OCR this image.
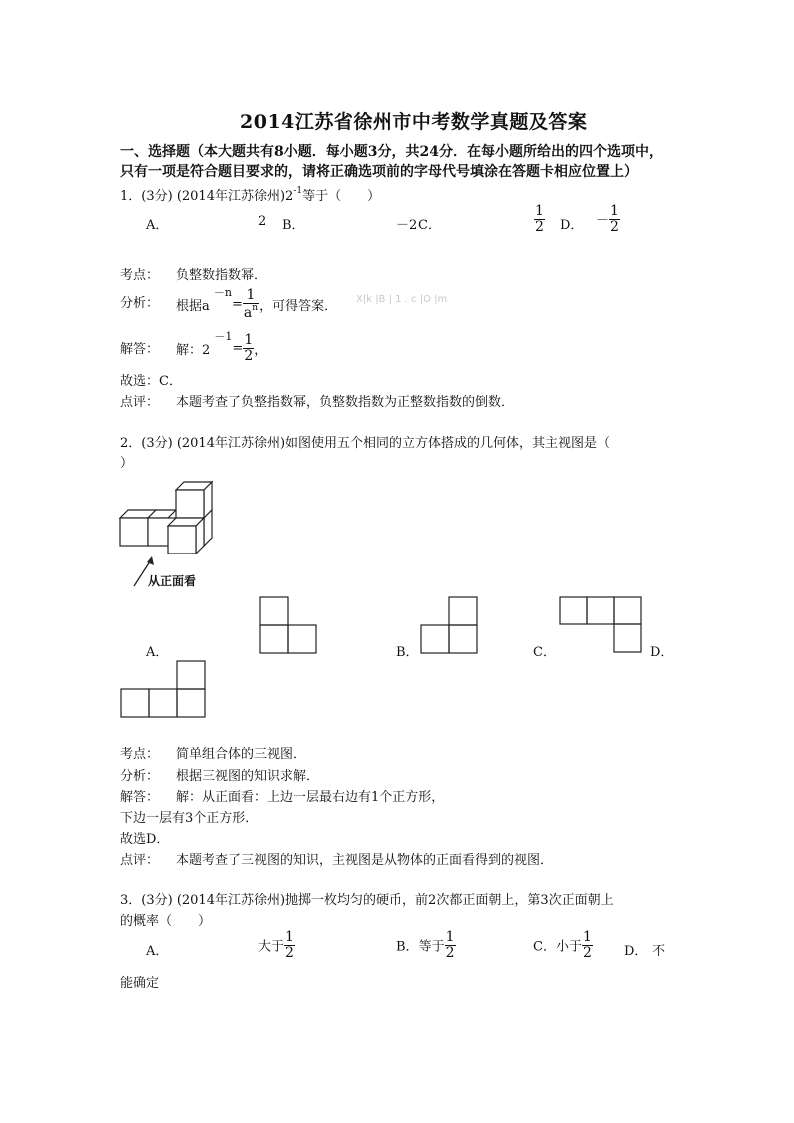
2014江苏省徐州市中考数学真题及答案
一、选择题（本大题共有8小题．每小题3分，共24分．在每小题所给出的四个选项中，
只有一项是符合题目要求的，请将正确选项前的字母代号填涂在答题卡相应位置上）
1．(3分) (2014年江苏徐州)$2^{-1}$等于（　　）
A．	2 B．	－2 C．	$\frac{1}{2}$ D． － $\frac{1}{2}$
考点： 负整数指数幂．
分析： 根据a $^{-n}= \frac{1}{a^n}$ ，可得答案． X|k |B | 1 . c |O |m
解答： 解：2 $^{-1}= \frac{1}{2}$ ，
故选：C．
点评： 本题考查了负整指数幂，负整数指数为正整数指数的倒数．
2．(3分) (2014年江苏徐州)如图使用五个相同的立方体搭成的几何体，其主视图是（
）
从正面看
A．	B．	C．	D．
考点： 简单组合体的三视图．
分析： 根据三视图的知识求解．
解答： 解：从正面看：上边一层最右边有1个正方形，
下边一层有3个正方形．
故选D．
点评： 本题考查了三视图的知识，主视图是从物体的正面看得到的视图．
3．(3分) (2014年江苏徐州)抛掷一枚均匀的硬币，前2次都正面朝上，第3次正面朝上
的概率（　　）
A．	大于 $\frac{1}{2}$	B．等于 $\frac{1}{2}$	C．小于 $\frac{1}{2}$ D． 不
能确定
